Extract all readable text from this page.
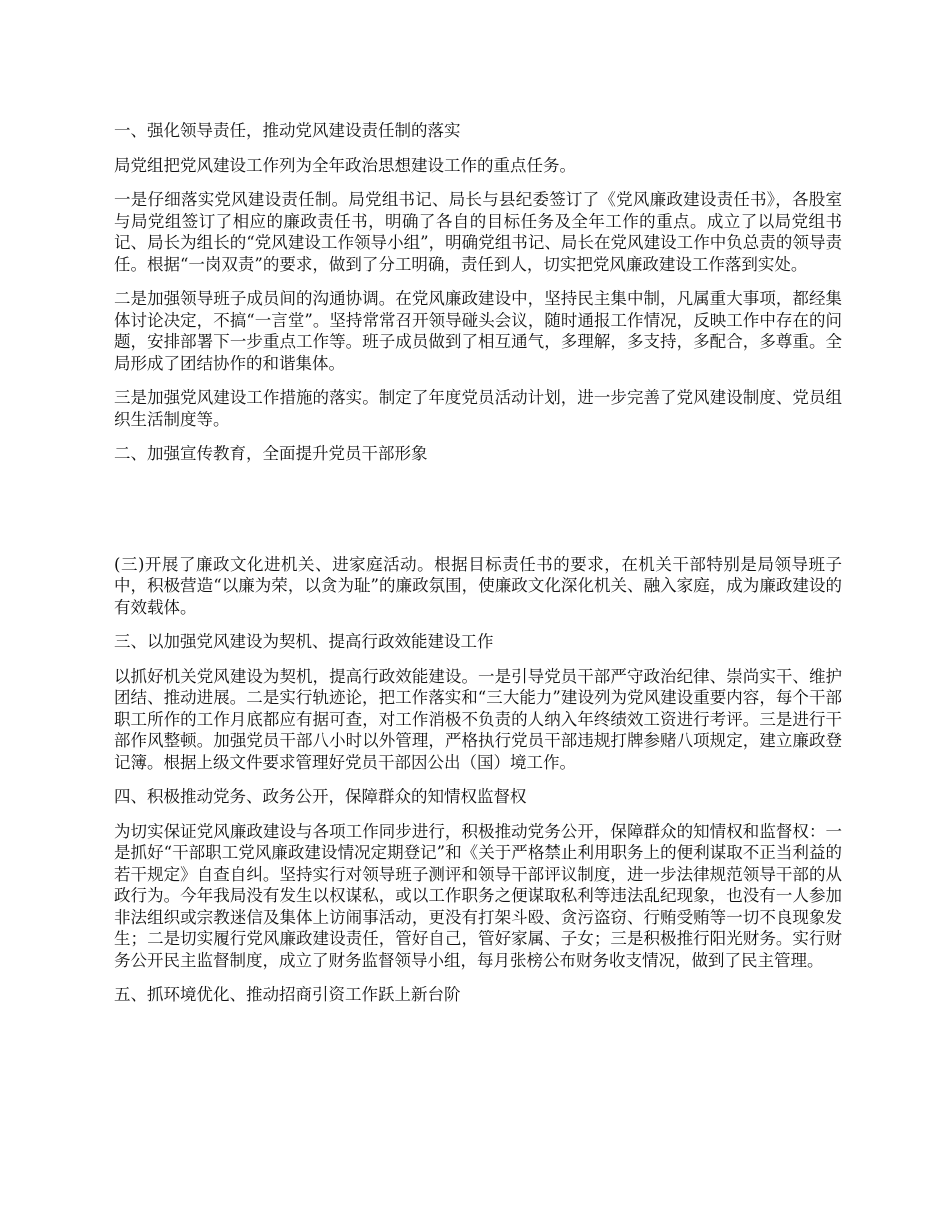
一、强化领导责任，推动党风建设责任制的落实

局党组把党风建设工作列为全年政治思想建设工作的重点任务。

一是仔细落实党风建设责任制。局党组书记、局长与县纪委签订了《党风廉政建设责任书》，各股室与局党组签订了相应的廉政责任书，明确了各自的目标任务及全年工作的重点。成立了以局党组书记、局长为组长的“党风建设工作领导小组”，明确党组书记、局长在党风建设工作中负总责的领导责任。根据“一岗双责”的要求，做到了分工明确，责任到人，切实把党风廉政建设工作落到实处。

二是加强领导班子成员间的沟通协调。在党风廉政建设中，坚持民主集中制，凡属重大事项，都经集体讨论决定，不搞“一言堂”。坚持常常召开领导碰头会议，随时通报工作情况，反映工作中存在的问题，安排部署下一步重点工作等。班子成员做到了相互通气，多理解，多支持，多配合，多尊重。全局形成了团结协作的和谐集体。

三是加强党风建设工作措施的落实。制定了年度党员活动计划，进一步完善了党风建设制度、党员组织生活制度等。

二、加强宣传教育，全面提升党员干部形象

(三)开展了廉政文化进机关、进家庭活动。根据目标责任书的要求，在机关干部特别是局领导班子中，积极营造“以廉为荣，以贪为耻”的廉政氛围，使廉政文化深化机关、融入家庭，成为廉政建设的有效载体。

三、以加强党风建设为契机、提高行政效能建设工作

以抓好机关党风建设为契机，提高行政效能建设。一是引导党员干部严守政治纪律、崇尚实干、维护团结、推动进展。二是实行轨迹论，把工作落实和“三大能力”建设列为党风建设重要内容，每个干部职工所作的工作月底都应有据可查，对工作消极不负责的人纳入年终绩效工资进行考评。三是进行干部作风整顿。加强党员干部八小时以外管理，严格执行党员干部违规打牌参赌八项规定，建立廉政登记簿。根据上级文件要求管理好党员干部因公出（国）境工作。

四、积极推动党务、政务公开，保障群众的知情权监督权

为切实保证党风廉政建设与各项工作同步进行，积极推动党务公开，保障群众的知情权和监督权：一是抓好“干部职工党风廉政建设情况定期登记”和《关于严格禁止利用职务上的便利谋取不正当利益的若干规定》自查自纠。坚持实行对领导班子测评和领导干部评议制度，进一步法律规范领导干部的从政行为。今年我局没有发生以权谋私，或以工作职务之便谋取私利等违法乱纪现象，也没有一人参加非法组织或宗教迷信及集体上访闹事活动，更没有打架斗殴、贪污盗窃、行贿受贿等一切不良现象发生；二是切实履行党风廉政建设责任，管好自己，管好家属、子女；三是积极推行阳光财务。实行财务公开民主监督制度，成立了财务监督领导小组，每月张榜公布财务收支情况，做到了民主管理。

五、抓环境优化、推动招商引资工作跃上新台阶
